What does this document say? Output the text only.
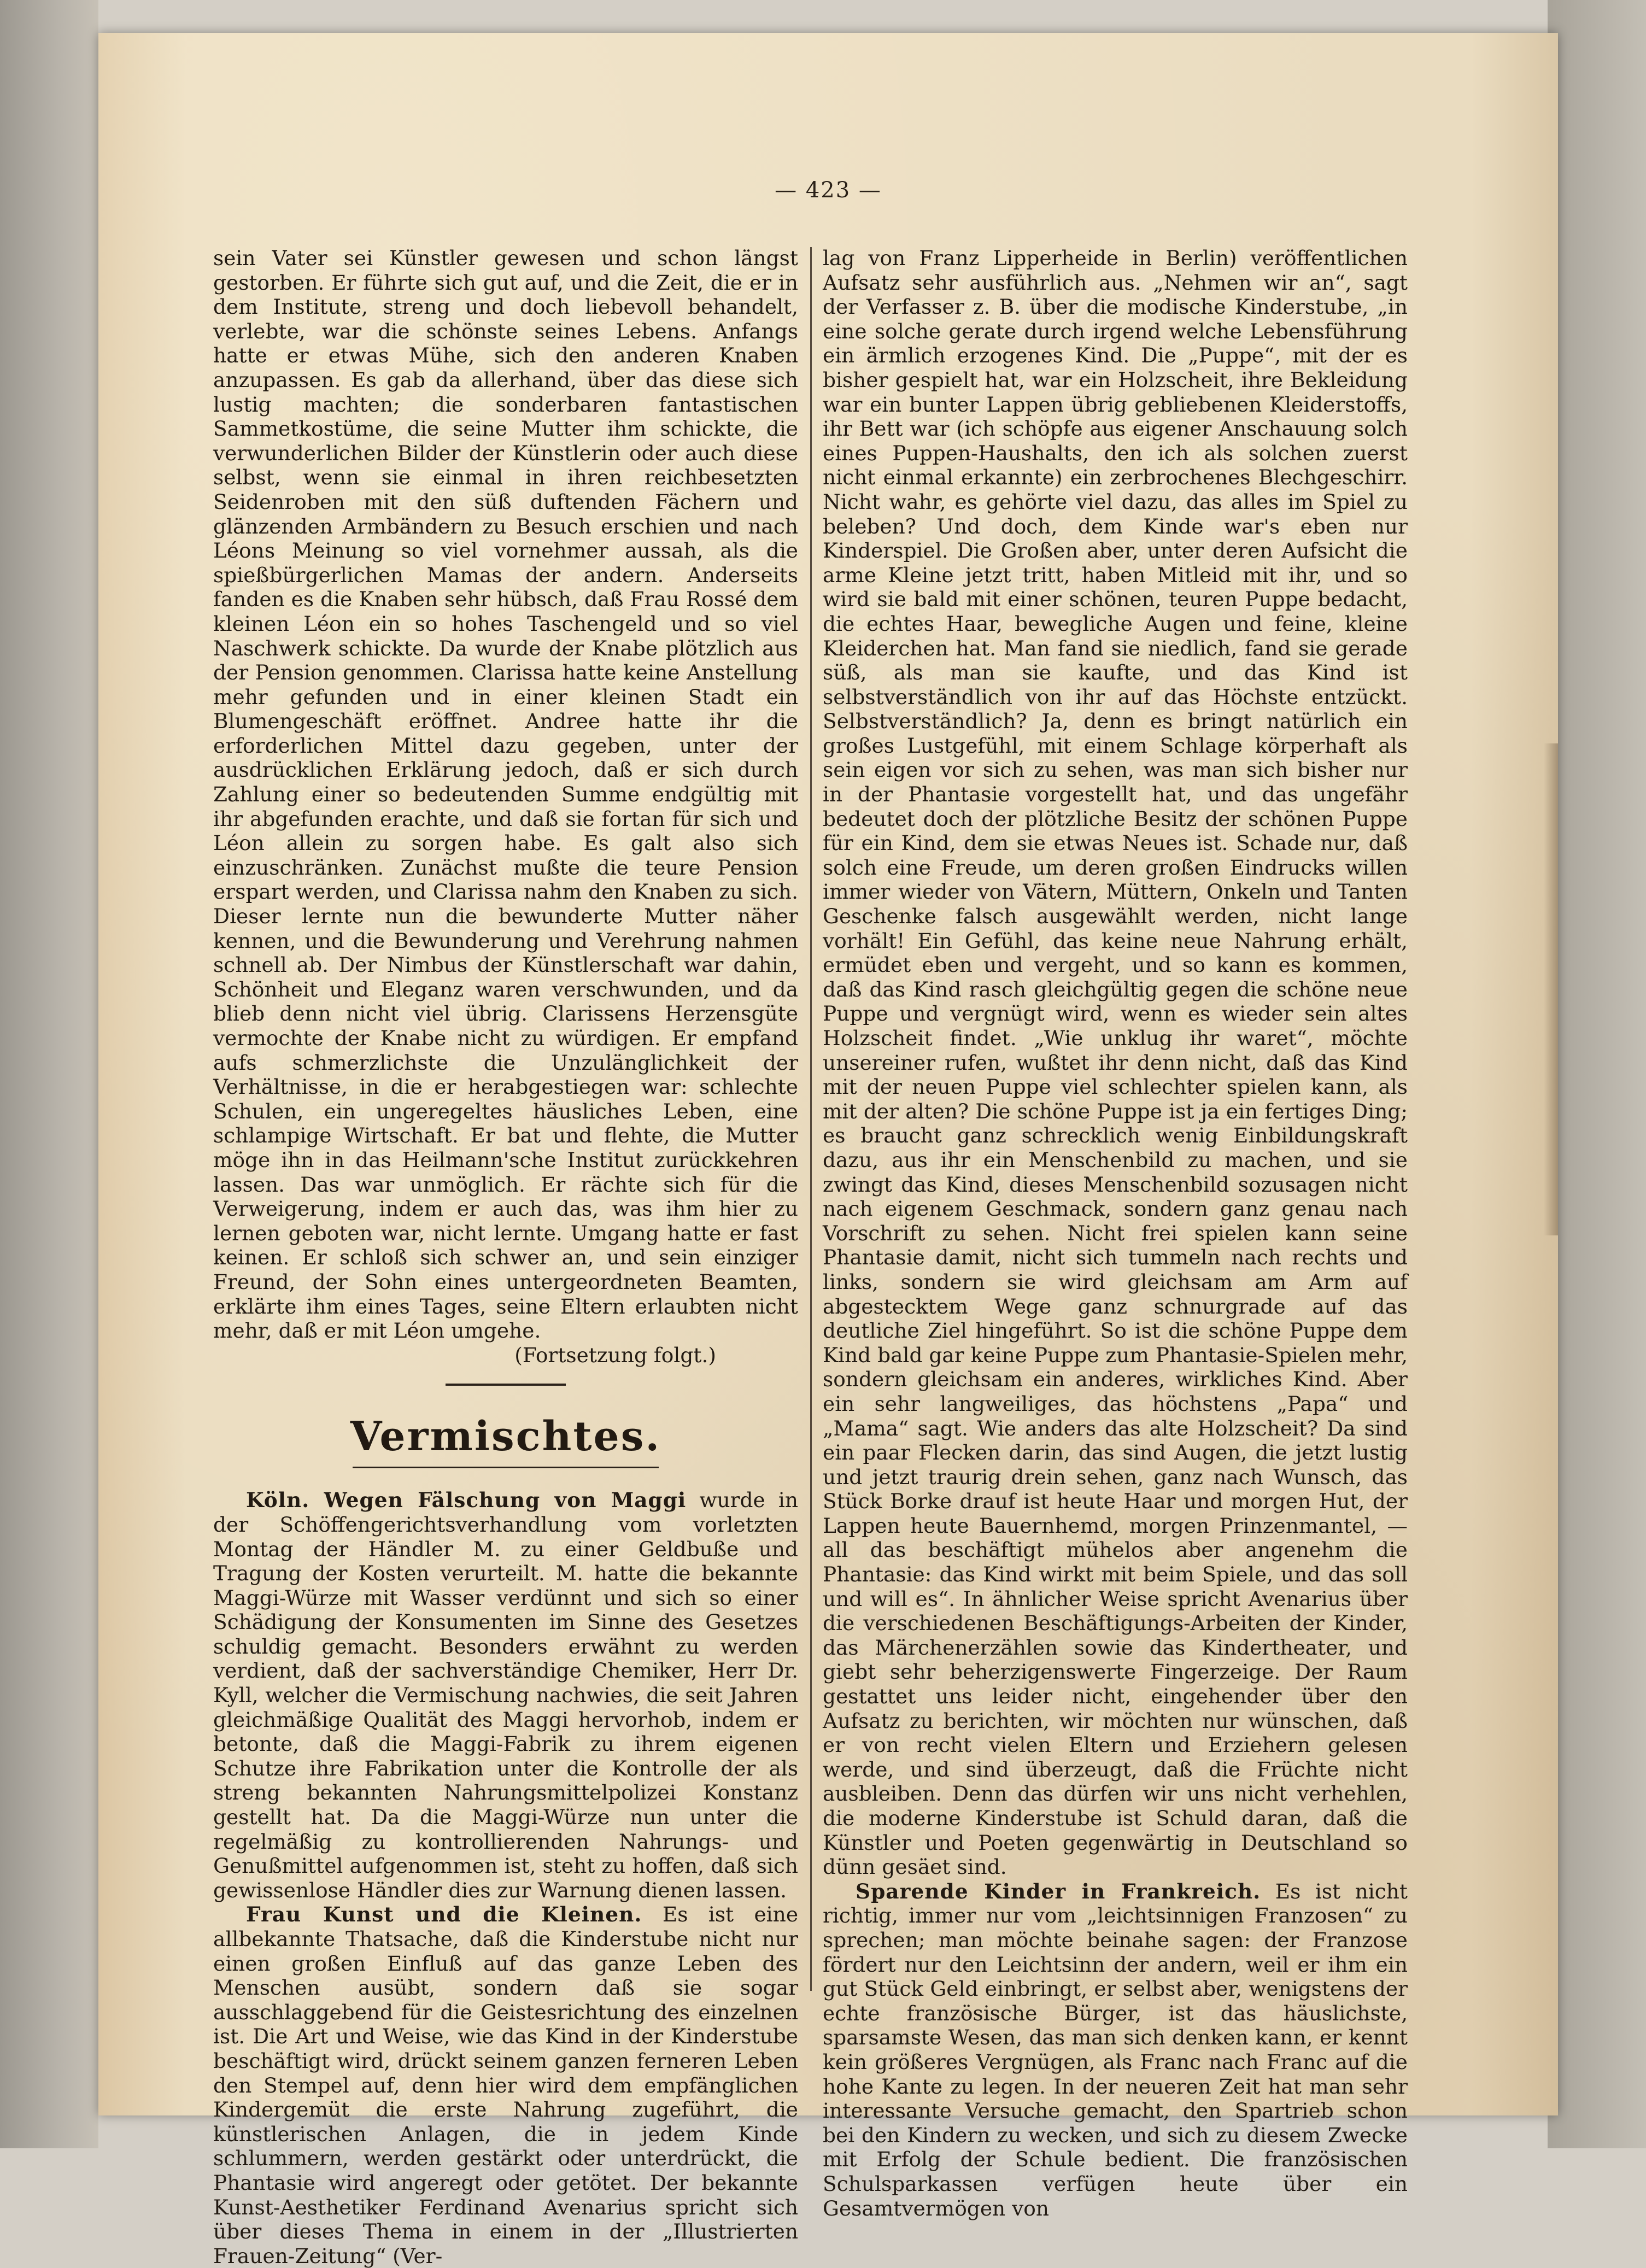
— 423 —

sein Vater sei Künstler gewesen und schon längst gestorben. Er führte sich gut auf, und die Zeit, die er in dem Institute, streng und doch liebevoll behandelt, verlebte, war die schönste seines Lebens. Anfangs hatte er etwas Mühe, sich den anderen Knaben anzupassen. Es gab da allerhand, über das diese sich lustig machten; die sonderbaren fantastischen Sammetkostüme, die seine Mutter ihm schickte, die verwunderlichen Bilder der Künstlerin oder auch diese selbst, wenn sie einmal in ihren reichbesetzten Seidenroben mit den süß duftenden Fächern und glänzenden Armbändern zu Besuch erschien und nach Léons Meinung so viel vornehmer aussah, als die spießbürgerlichen Mamas der andern. Anderseits fanden es die Knaben sehr hübsch, daß Frau Rossé dem kleinen Léon ein so hohes Taschengeld und so viel Naschwerk schickte. Da wurde der Knabe plötzlich aus der Pension genommen. Clarissa hatte keine Anstellung mehr gefunden und in einer kleinen Stadt ein Blumengeschäft eröffnet. Andree hatte ihr die erforderlichen Mittel dazu gegeben, unter der ausdrücklichen Erklärung jedoch, daß er sich durch Zahlung einer so bedeutenden Summe endgültig mit ihr abgefunden erachte, und daß sie fortan für sich und Léon allein zu sorgen habe. Es galt also sich einzuschränken. Zunächst mußte die teure Pension erspart werden, und Clarissa nahm den Knaben zu sich. Dieser lernte nun die bewunderte Mutter näher kennen, und die Bewunderung und Verehrung nahmen schnell ab. Der Nimbus der Künstlerschaft war dahin, Schönheit und Eleganz waren verschwunden, und da blieb denn nicht viel übrig. Clarissens Herzensgüte vermochte der Knabe nicht zu würdigen. Er empfand aufs schmerzlichste die Unzulänglichkeit der Verhältnisse, in die er herabgestiegen war: schlechte Schulen, ein ungeregeltes häusliches Leben, eine schlampige Wirtschaft. Er bat und flehte, die Mutter möge ihn in das Heilmann'sche Institut zurückkehren lassen. Das war unmöglich. Er rächte sich für die Verweigerung, indem er auch das, was ihm hier zu lernen geboten war, nicht lernte. Umgang hatte er fast keinen. Er schloß sich schwer an, und sein einziger Freund, der Sohn eines untergeordneten Beamten, erklärte ihm eines Tages, seine Eltern erlaubten nicht mehr, daß er mit Léon umgehe.

(Fortsetzung folgt.)

Vermischtes.

Köln. Wegen Fälschung von Maggi wurde in der Schöffengerichtsverhandlung vom vorletzten Montag der Händler M. zu einer Geldbuße und Tragung der Kosten verurteilt. M. hatte die bekannte Maggi-Würze mit Wasser verdünnt und sich so einer Schädigung der Konsumenten im Sinne des Gesetzes schuldig gemacht. Besonders erwähnt zu werden verdient, daß der sachverständige Chemiker, Herr Dr. Kyll, welcher die Vermischung nachwies, die seit Jahren gleichmäßige Qualität des Maggi hervorhob, indem er betonte, daß die Maggi-Fabrik zu ihrem eigenen Schutze ihre Fabrikation unter die Kontrolle der als streng bekannten Nahrungsmittelpolizei Konstanz gestellt hat. Da die Maggi-Würze nun unter die regelmäßig zu kontrollierenden Nahrungs- und Genußmittel aufgenommen ist, steht zu hoffen, daß sich gewissenlose Händler dies zur Warnung dienen lassen.

Frau Kunst und die Kleinen. Es ist eine allbekannte Thatsache, daß die Kinderstube nicht nur einen großen Einfluß auf das ganze Leben des Menschen ausübt, sondern daß sie sogar ausschlaggebend für die Geistesrichtung des einzelnen ist. Die Art und Weise, wie das Kind in der Kinderstube beschäftigt wird, drückt seinem ganzen ferneren Leben den Stempel auf, denn hier wird dem empfänglichen Kindergemüt die erste Nahrung zugeführt, die künstlerischen Anlagen, die in jedem Kinde schlummern, werden gestärkt oder unterdrückt, die Phantasie wird angeregt oder getötet. Der bekannte Kunst-Aesthetiker Ferdinand Avenarius spricht sich über dieses Thema in einem in der „Illustrierten Frauen-Zeitung“ (Ver-

lag von Franz Lipperheide in Berlin) veröffentlichen Aufsatz sehr ausführlich aus. „Nehmen wir an“, sagt der Verfasser z. B. über die modische Kinderstube, „in eine solche gerate durch irgend welche Lebensführung ein ärmlich erzogenes Kind. Die „Puppe“, mit der es bisher gespielt hat, war ein Holzscheit, ihre Bekleidung war ein bunter Lappen übrig gebliebenen Kleiderstoffs, ihr Bett war (ich schöpfe aus eigener Anschauung solch eines Puppen-Haushalts, den ich als solchen zuerst nicht einmal erkannte) ein zerbrochenes Blechgeschirr. Nicht wahr, es gehörte viel dazu, das alles im Spiel zu beleben? Und doch, dem Kinde war's eben nur Kinderspiel. Die Großen aber, unter deren Aufsicht die arme Kleine jetzt tritt, haben Mitleid mit ihr, und so wird sie bald mit einer schönen, teuren Puppe bedacht, die echtes Haar, bewegliche Augen und feine, kleine Kleiderchen hat. Man fand sie niedlich, fand sie gerade süß, als man sie kaufte, und das Kind ist selbstverständlich von ihr auf das Höchste entzückt. Selbstverständlich? Ja, denn es bringt natürlich ein großes Lustgefühl, mit einem Schlage körperhaft als sein eigen vor sich zu sehen, was man sich bisher nur in der Phantasie vorgestellt hat, und das ungefähr bedeutet doch der plötzliche Besitz der schönen Puppe für ein Kind, dem sie etwas Neues ist. Schade nur, daß solch eine Freude, um deren großen Eindrucks willen immer wieder von Vätern, Müttern, Onkeln und Tanten Geschenke falsch ausgewählt werden, nicht lange vorhält! Ein Gefühl, das keine neue Nahrung erhält, ermüdet eben und vergeht, und so kann es kommen, daß das Kind rasch gleichgültig gegen die schöne neue Puppe und vergnügt wird, wenn es wieder sein altes Holzscheit findet. „Wie unklug ihr waret“, möchte unsereiner rufen, wußtet ihr denn nicht, daß das Kind mit der neuen Puppe viel schlechter spielen kann, als mit der alten? Die schöne Puppe ist ja ein fertiges Ding; es braucht ganz schrecklich wenig Einbildungskraft dazu, aus ihr ein Menschenbild zu machen, und sie zwingt das Kind, dieses Menschenbild sozusagen nicht nach eigenem Geschmack, sondern ganz genau nach Vorschrift zu sehen. Nicht frei spielen kann seine Phantasie damit, nicht sich tummeln nach rechts und links, sondern sie wird gleichsam am Arm auf abgestecktem Wege ganz schnurgrade auf das deutliche Ziel hingeführt. So ist die schöne Puppe dem Kind bald gar keine Puppe zum Phantasie-Spielen mehr, sondern gleichsam ein anderes, wirkliches Kind. Aber ein sehr langweiliges, das höchstens „Papa“ und „Mama“ sagt. Wie anders das alte Holzscheit? Da sind ein paar Flecken darin, das sind Augen, die jetzt lustig und jetzt traurig drein sehen, ganz nach Wunsch, das Stück Borke drauf ist heute Haar und morgen Hut, der Lappen heute Bauernhemd, morgen Prinzenmantel, — all das beschäftigt mühelos aber angenehm die Phantasie: das Kind wirkt mit beim Spiele, und das soll und will es“. In ähnlicher Weise spricht Avenarius über die verschiedenen Beschäftigungs-Arbeiten der Kinder, das Märchenerzählen sowie das Kindertheater, und giebt sehr beherzigenswerte Fingerzeige. Der Raum gestattet uns leider nicht, eingehender über den Aufsatz zu berichten, wir möchten nur wünschen, daß er von recht vielen Eltern und Erziehern gelesen werde, und sind überzeugt, daß die Früchte nicht ausbleiben. Denn das dürfen wir uns nicht verhehlen, die moderne Kinderstube ist Schuld daran, daß die Künstler und Poeten gegenwärtig in Deutschland so dünn gesäet sind.

Sparende Kinder in Frankreich. Es ist nicht richtig, immer nur vom „leichtsinnigen Franzosen“ zu sprechen; man möchte beinahe sagen: der Franzose fördert nur den Leichtsinn der andern, weil er ihm ein gut Stück Geld einbringt, er selbst aber, wenigstens der echte französische Bürger, ist das häuslichste, sparsamste Wesen, das man sich denken kann, er kennt kein größeres Vergnügen, als Franc nach Franc auf die hohe Kante zu legen. In der neueren Zeit hat man sehr interessante Versuche gemacht, den Spartrieb schon bei den Kindern zu wecken, und sich zu diesem Zwecke mit Erfolg der Schule bedient. Die französischen Schulsparkassen verfügen heute über ein Gesamtvermögen von
